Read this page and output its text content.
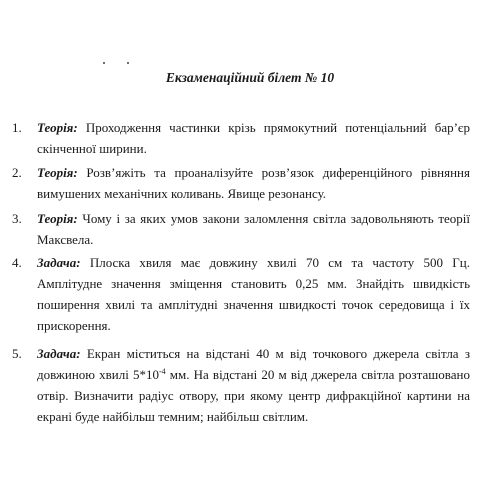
Екзаменаційний білет № 10
1. Теорія: Проходження частинки крізь прямокутний потенціальний бар’єр скінченної ширини.
2. Теорія: Розв’яжіть та проаналізуйте розв’язок диференційного рівняння вимушених механічних коливань. Явище резонансу.
3. Теорія: Чому і за яких умов закони заломлення світла задовольняють теорії Максвела.
4. Задача: Плоска хвиля має довжину хвилі 70 см та частоту 500 Гц. Амплітудне значення зміщення становить 0,25 мм. Знайдіть швидкість поширення хвилі та амплітудні значення швидкості точок середовища і їх прискорення.
5. Задача: Екран міститься на відстані 40 м від точкового джерела світла з довжиною хвилі $5*10^{-4}$ мм. На відстані 20 м від джерела світла розташовано отвір. Визначити радіус отвору, при якому центр дифракційної картини на екрані буде найбільш темним; найбільш світлим.
